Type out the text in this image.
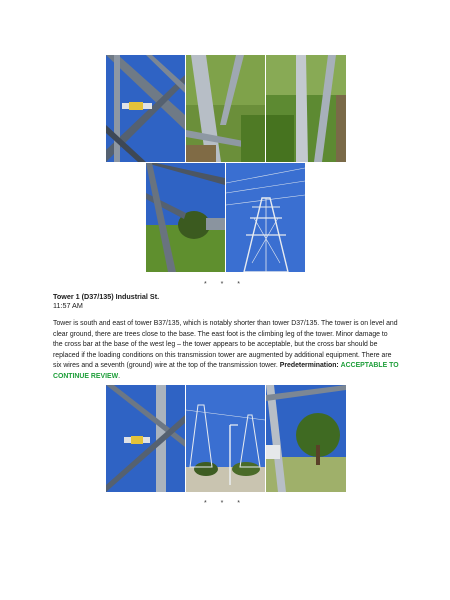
* * *
Tower 1 (D37/135) Industrial St.
11:57 AM

Tower is south and east of tower B37/135, which is notably shorter than tower D37/135. The tower is on level and clear ground, there are trees close to the base. The east foot is the climbing leg of the tower. Minor damage to the cross bar at the base of the west leg – the tower appears to be acceptable, but the cross bar should be replaced if the loading conditions on this transmission tower are augmented by additional equipment. There are six wires and a seventh (ground) wire at the top of the transmission tower. Predetermination: ACCEPTABLE TO CONTINUE REVIEW.

* * *
